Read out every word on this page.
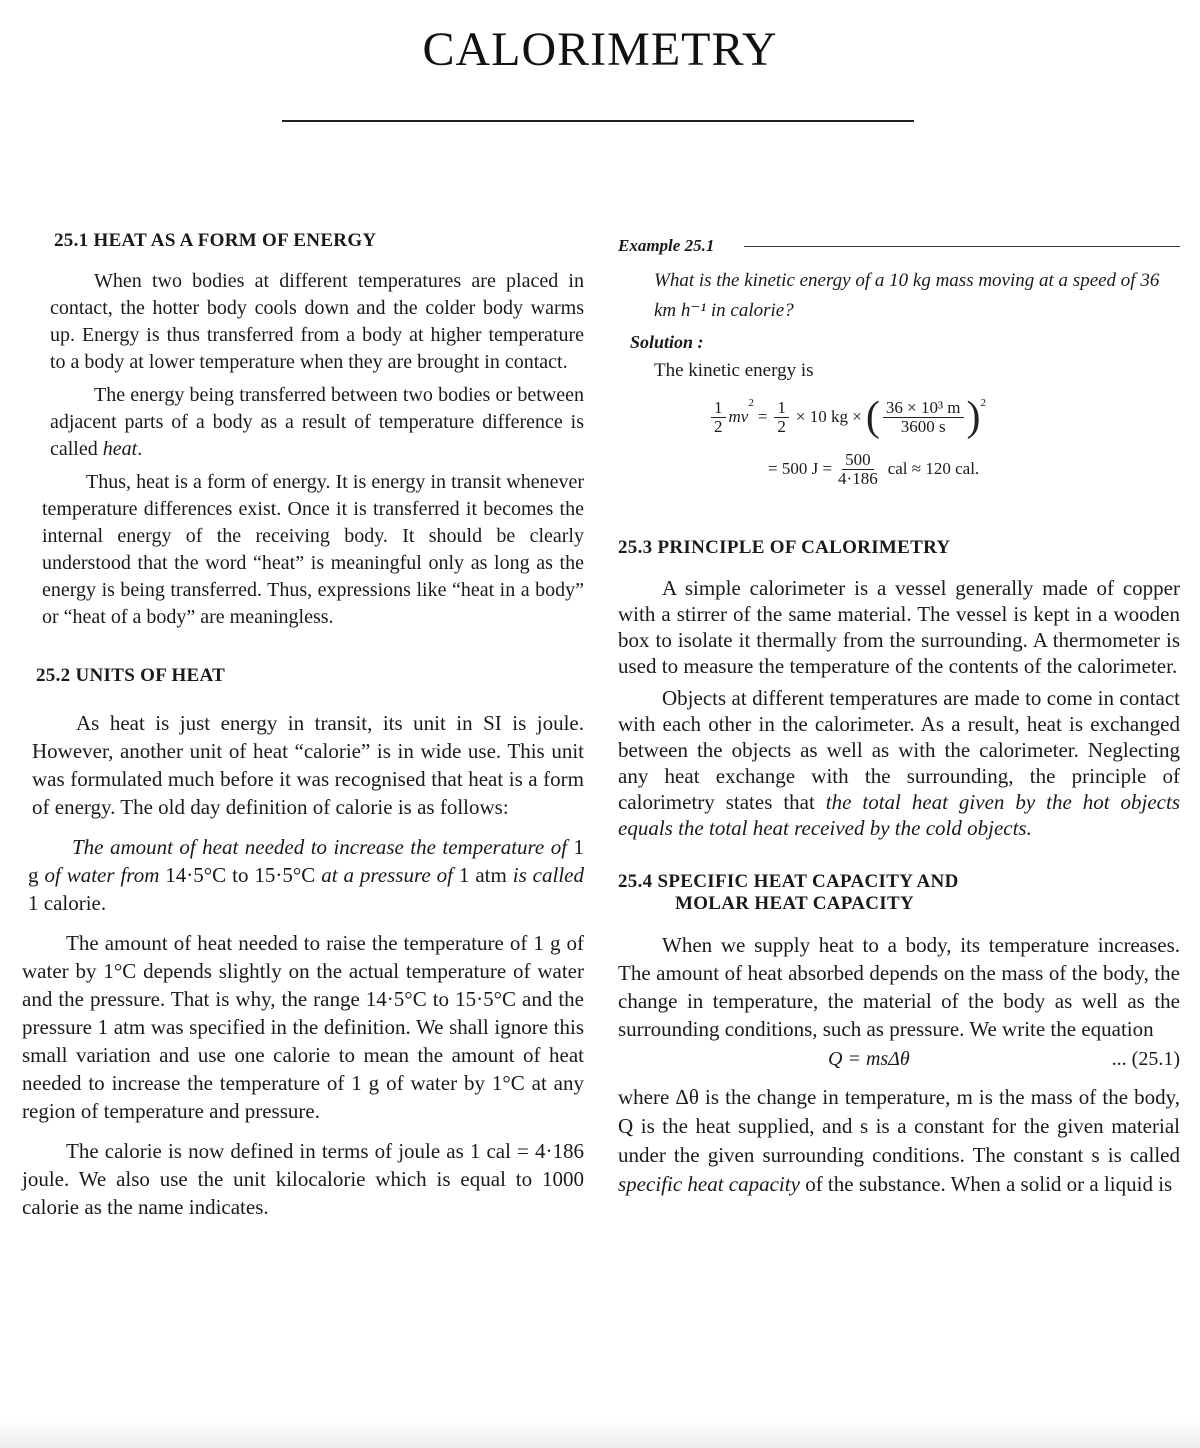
CALORIMETRY
25.1 HEAT AS A FORM OF ENERGY

When two bodies at different temperatures are placed in contact, the hotter body cools down and the colder body warms up. Energy is thus transferred from a body at higher temperature to a body at lower temperature when they are brought in contact.

The energy being transferred between two bodies or between adjacent parts of a body as a result of temperature difference is called heat.

Thus, heat is a form of energy. It is energy in transit whenever temperature differences exist. Once it is transferred it becomes the internal energy of the receiving body. It should be clearly understood that the word “heat” is meaningful only as long as the energy is being transferred. Thus, expressions like “heat in a body” or “heat of a body” are meaningless.

25.2 UNITS OF HEAT

As heat is just energy in transit, its unit in SI is joule. However, another unit of heat “calorie” is in wide use. This unit was formulated much before it was recognised that heat is a form of energy. The old day definition of calorie is as follows:

The amount of heat needed to increase the temperature of 1 g of water from 14·5°C to 15·5°C at a pressure of 1 atm is called 1 calorie.

The amount of heat needed to raise the temperature of 1 g of water by 1°C depends slightly on the actual temperature of water and the pressure. That is why, the range 14·5°C to 15·5°C and the pressure 1 atm was specified in the definition. We shall ignore this small variation and use one calorie to mean the amount of heat needed to increase the temperature of 1 g of water by 1°C at any region of temperature and pressure.

The calorie is now defined in terms of joule as 1 cal = 4·186 joule. We also use the unit kilocalorie which is equal to 1000 calorie as the name indicates.

Example 25.1

What is the kinetic energy of a 10 kg mass moving at a speed of 36 km h⁻¹ in calorie?

Solution :

The kinetic energy is

$\frac{1}{2}$ mv
2
= $\frac{1}{2} \times 10$ kg × ( $\frac{\text{36 × 10³ m}}{3600 s}$ ) 2
= 500 $J = \frac{500}{4\cdot 186}$ cal ≈ 120 cal.
25.3 PRINCIPLE OF CALORIMETRY

A simple calorimeter is a vessel generally made of copper with a stirrer of the same material. The vessel is kept in a wooden box to isolate it thermally from the surrounding. A thermometer is used to measure the temperature of the contents of the calorimeter.

Objects at different temperatures are made to come in contact with each other in the calorimeter. As a result, heat is exchanged between the objects as well as with the calorimeter. Neglecting any heat exchange with the surrounding, the principle of calorimetry states that the total heat given by the hot objects equals the total heat received by the cold objects.

25.4 SPECIFIC HEAT CAPACITY AND
MOLAR HEAT CAPACITY

When we supply heat to a body, its temperature increases. The amount of heat absorbed depends on the mass of the body, the change in temperature, the material of the body as well as the surrounding conditions, such as pressure. We write the equation

Q = msΔθ	... (25.1)

where Δθ is the change in temperature, m is the mass of the body, Q is the heat supplied, and s is a constant for the given material under the given surrounding conditions. The constant s is called specific heat capacity of the substance. When a solid or a liquid is
